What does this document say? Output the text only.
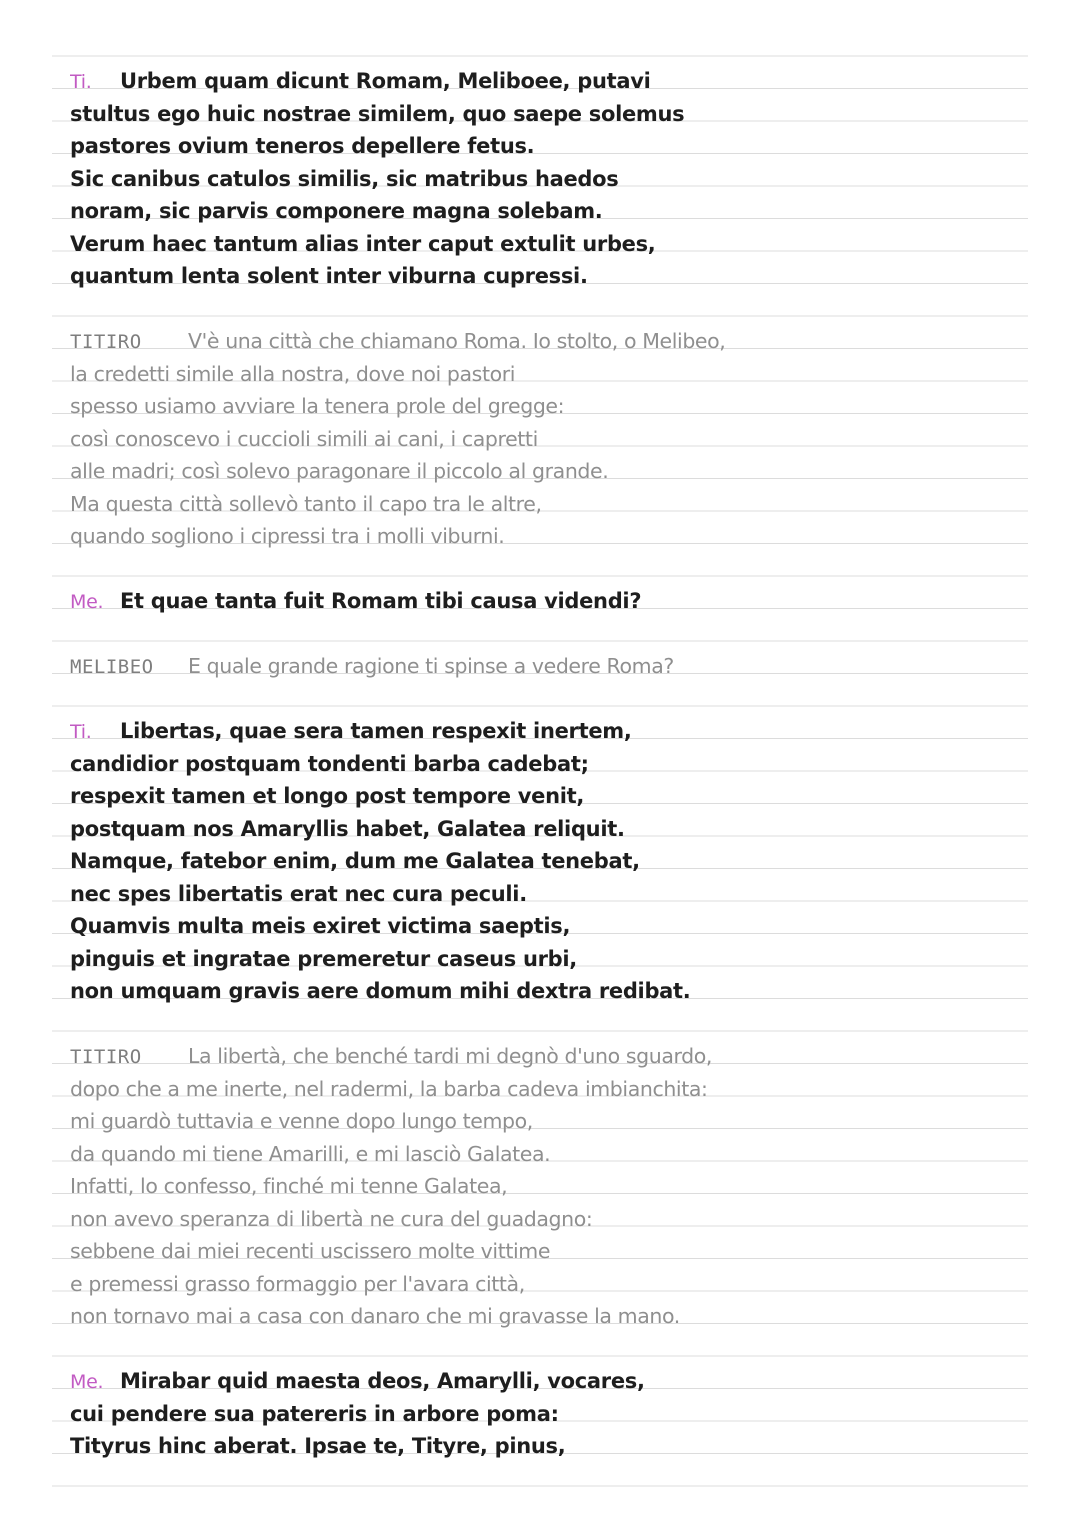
Ti. Urbem quam dicunt Romam, Meliboee, putavi
stultus ego huic nostrae similem, quo saepe solemus
pastores ovium teneros depellere fetus.
Sic canibus catulos similis, sic matribus haedos
noram, sic parvis componere magna solebam.
Verum haec tantum alias inter caput extulit urbes,
quantum lenta solent inter viburna cupressi.
TITIRO V'è una città che chiamano Roma. Io stolto, o Melibeo,
la credetti simile alla nostra, dove noi pastori
spesso usiamo avviare la tenera prole del gregge:
così conoscevo i cuccioli simili ai cani, i capretti
alle madri; così solevo paragonare il piccolo al grande.
Ma questa città sollevò tanto il capo tra le altre,
quando sogliono i cipressi tra i molli viburni.
Me. Et quae tanta fuit Romam tibi causa videndi?
MELIBEO E quale grande ragione ti spinse a vedere Roma?
Ti. Libertas, quae sera tamen respexit inertem,
candidior postquam tondenti barba cadebat;
respexit tamen et longo post tempore venit,
postquam nos Amaryllis habet, Galatea reliquit.
Namque, fatebor enim, dum me Galatea tenebat,
nec spes libertatis erat nec cura peculi.
Quamvis multa meis exiret victima saeptis,
pinguis et ingratae premeretur caseus urbi,
non umquam gravis aere domum mihi dextra redibat.
TITIRO La libertà, che benché tardi mi degnò d'uno sguardo,
dopo che a me inerte, nel radermi, la barba cadeva imbianchita:
mi guardò tuttavia e venne dopo lungo tempo,
da quando mi tiene Amarilli, e mi lasciò Galatea.
Infatti, lo confesso, finché mi tenne Galatea,
non avevo speranza di libertà ne cura del guadagno:
sebbene dai miei recenti uscissero molte vittime
e premessi grasso formaggio per l'avara città,
non tornavo mai a casa con danaro che mi gravasse la mano.
Me. Mirabar quid maesta deos, Amarylli, vocares,
cui pendere sua patereris in arbore poma:
Tityrus hinc aberat. Ipsae te, Tityre, pinus,
